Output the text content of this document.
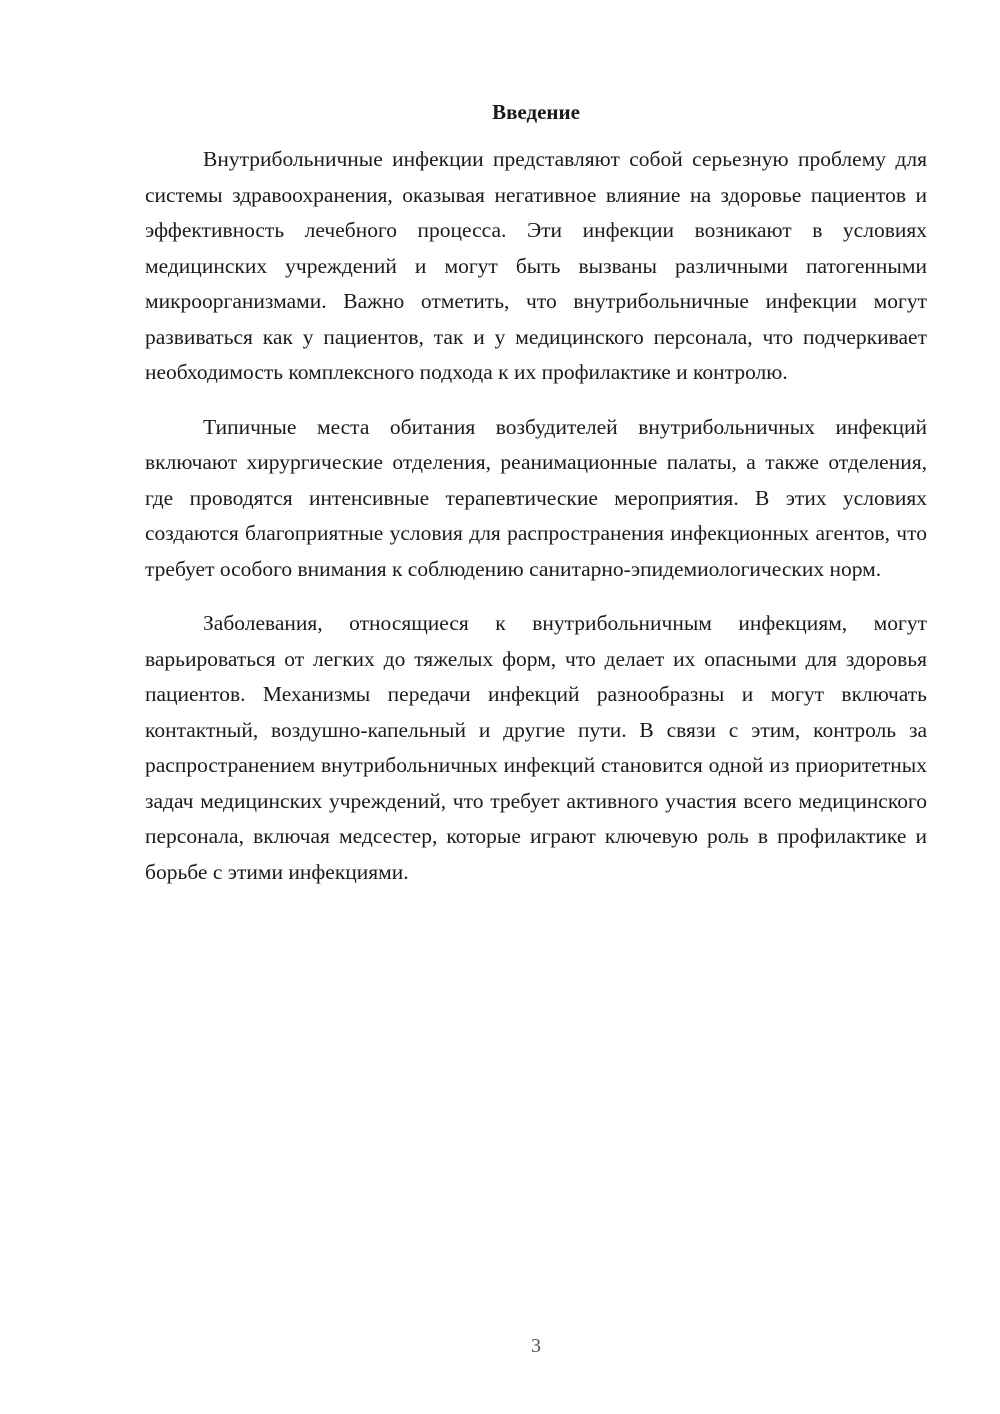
Введение

Внутрибольничные инфекции представляют собой серьезную проблему для системы здравоохранения, оказывая негативное влияние на здоровье пациентов и эффективность лечебного процесса. Эти инфекции возникают в условиях медицинских учреждений и могут быть вызваны различными патогенными микроорганизмами. Важно отметить, что внутрибольничные инфекции могут развиваться как у пациентов, так и у медицинского персонала, что подчеркивает необходимость комплексного подхода к их профилактике и контролю.

Типичные места обитания возбудителей внутрибольничных инфекций включают хирургические отделения, реанимационные палаты, а также отделения, где проводятся интенсивные терапевтические мероприятия. В этих условиях создаются благоприятные условия для распространения инфекционных агентов, что требует особого внимания к соблюдению санитарно-эпидемиологических норм.

Заболевания, относящиеся к внутрибольничным инфекциям, могут варьироваться от легких до тяжелых форм, что делает их опасными для здоровья пациентов. Механизмы передачи инфекций разнообразны и могут включать контактный, воздушно-капельный и другие пути. В связи с этим, контроль за распространением внутрибольничных инфекций становится одной из приоритетных задач медицинских учреждений, что требует активного участия всего медицинского персонала, включая медсестер, которые играют ключевую роль в профилактике и борьбе с этими инфекциями.

3
